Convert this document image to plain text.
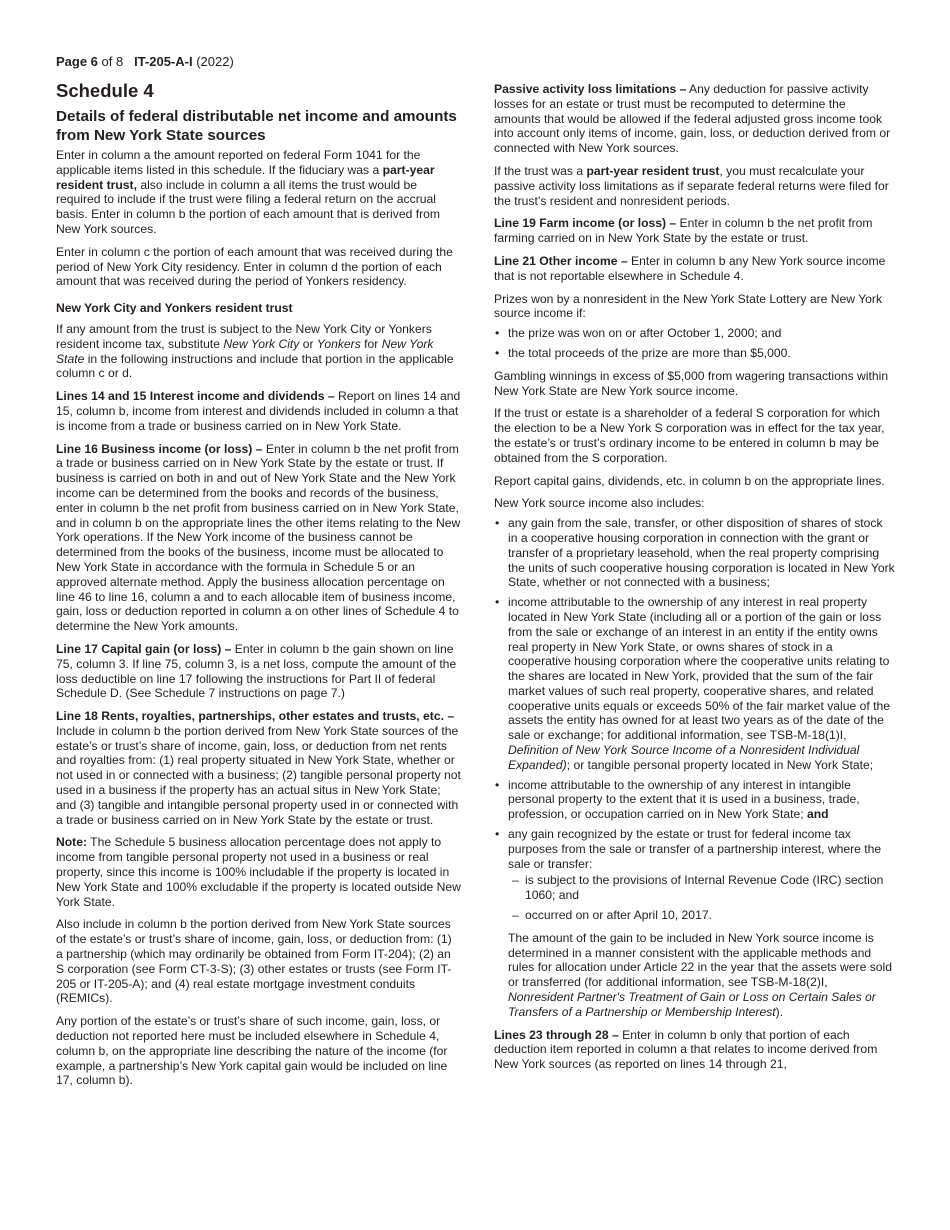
Page 6 of 8 IT-205-A-I (2022)
Schedule 4
Details of federal distributable net income and amounts from New York State sources

Enter in column a the amount reported on federal Form 1041 for the applicable items listed in this schedule. If the fiduciary was a part-year resident trust, also include in column a all items the trust would be required to include if the trust were filing a federal return on the accrual basis. Enter in column b the portion of each amount that is derived from New York sources.

Enter in column c the portion of each amount that was received during the period of New York City residency. Enter in column d the portion of each amount that was received during the period of Yonkers residency.

New York City and Yonkers resident trust

If any amount from the trust is subject to the New York City or Yonkers resident income tax, substitute New York City or Yonkers for New York State in the following instructions and include that portion in the applicable column c or d.

Lines 14 and 15 Interest income and dividends – Report on lines 14 and 15, column b, income from interest and dividends included in column a that is income from a trade or business carried on in New York State.

Line 16 Business income (or loss) – Enter in column b the net profit from a trade or business carried on in New York State by the estate or trust. If business is carried on both in and out of New York State and the New York income can be determined from the books and records of the business, enter in column b the net profit from business carried on in New York State, and in column b on the appropriate lines the other items relating to the New York operations. If the New York income of the business cannot be determined from the books of the business, income must be allocated to New York State in accordance with the formula in Schedule 5 or an approved alternate method. Apply the business allocation percentage on line 46 to line 16, column a and to each allocable item of business income, gain, loss or deduction reported in column a on other lines of Schedule 4 to determine the New York amounts.

Line 17 Capital gain (or loss) – Enter in column b the gain shown on line 75, column 3. If line 75, column 3, is a net loss, compute the amount of the loss deductible on line 17 following the instructions for Part II of federal Schedule D. (See Schedule 7 instructions on page 7.)

Line 18 Rents, royalties, partnerships, other estates and trusts, etc. – Include in column b the portion derived from New York State sources of the estate’s or trust’s share of income, gain, loss, or deduction from net rents and royalties from: (1) real property situated in New York State, whether or not used in or connected with a business; (2) tangible personal property not used in a business if the property has an actual situs in New York State; and (3) tangible and intangible personal property used in or connected with a trade or business carried on in New York State by the estate or trust.

Note: The Schedule 5 business allocation percentage does not apply to income from tangible personal property not used in a business or real property, since this income is 100% includable if the property is located in New York State and 100% excludable if the property is located outside New York State.

Also include in column b the portion derived from New York State sources of the estate’s or trust’s share of income, gain, loss, or deduction from: (1) a partnership (which may ordinarily be obtained from Form IT-204); (2) an S corporation (see Form CT-3-S); (3) other estates or trusts (see Form IT-205 or IT-205-A); and (4) real estate mortgage investment conduits (REMICs).

Any portion of the estate’s or trust’s share of such income, gain, loss, or deduction not reported here must be included elsewhere in Schedule 4, column b, on the appropriate line describing the nature of the income (for example, a partnership’s New York capital gain would be included on line 17, column b).

Passive activity loss limitations – Any deduction for passive activity losses for an estate or trust must be recomputed to determine the amounts that would be allowed if the federal adjusted gross income took into account only items of income, gain, loss, or deduction derived from or connected with New York sources.

If the trust was a part-year resident trust, you must recalculate your passive activity loss limitations as if separate federal returns were filed for the trust’s resident and nonresident periods.

Line 19 Farm income (or loss) – Enter in column b the net profit from farming carried on in New York State by the estate or trust.

Line 21 Other income – Enter in column b any New York source income that is not reportable elsewhere in Schedule 4.

Prizes won by a nonresident in the New York State Lottery are New York source income if:

• the prize was won on or after October 1, 2000; and
• the total proceeds of the prize are more than $5,000.

Gambling winnings in excess of $5,000 from wagering transactions within New York State are New York source income.

If the trust or estate is a shareholder of a federal S corporation for which the election to be a New York S corporation was in effect for the tax year, the estate’s or trust’s ordinary income to be entered in column b may be obtained from the S corporation.

Report capital gains, dividends, etc. in column b on the appropriate lines.

New York source income also includes:

• any gain from the sale, transfer, or other disposition of shares of stock in a cooperative housing corporation in connection with the grant or transfer of a proprietary leasehold, when the real property comprising the units of such cooperative housing corporation is located in New York State, whether or not connected with a business;
• income attributable to the ownership of any interest in real property located in New York State (including all or a portion of the gain or loss from the sale or exchange of an interest in an entity if the entity owns real property in New York State, or owns shares of stock in a cooperative housing corporation where the cooperative units relating to the shares are located in New York, provided that the sum of the fair market values of such real property, cooperative shares, and related cooperative units equals or exceeds 50% of the fair market value of the assets the entity has owned for at least two years as of the date of the sale or exchange; for additional information, see TSB-M-18(1)I, Definition of New York Source Income of a Nonresident Individual Expanded); or tangible personal property located in New York State;
• income attributable to the ownership of any interest in intangible personal property to the extent that it is used in a business, trade, profession, or occupation carried on in New York State; and
• any gain recognized by the estate or trust for federal income tax purposes from the sale or transfer of a partnership interest, where the sale or transfer:
– is subject to the provisions of Internal Revenue Code (IRC) section 1060; and
– occurred on or after April 10, 2017.

The amount of the gain to be included in New York source income is determined in a manner consistent with the applicable methods and rules for allocation under Article 22 in the year that the assets were sold or transferred (for additional information, see TSB-M-18(2)I, Nonresident Partner's Treatment of Gain or Loss on Certain Sales or Transfers of a Partnership or Membership Interest).

Lines 23 through 28 – Enter in column b only that portion of each deduction item reported in column a that relates to income derived from New York sources (as reported on lines 14 through 21,
